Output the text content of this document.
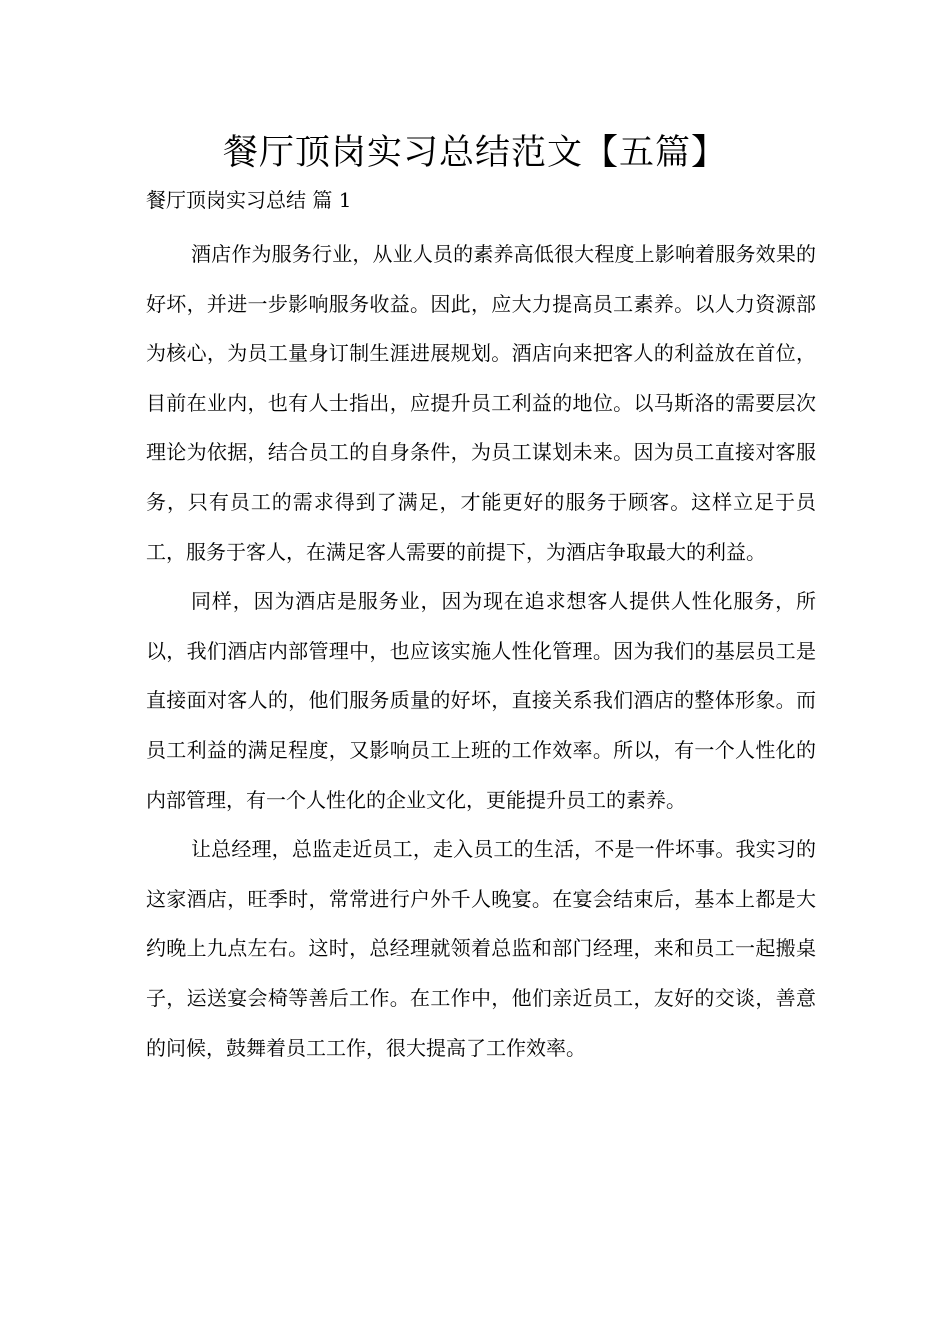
餐厅顶岗实习总结范文【五篇】
餐厅顶岗实习总结 篇 1

酒店作为服务行业，从业人员的素养高低很大程度上影响着服务效果的好坏，并进一步影响服务收益。因此，应大力提高员工素养。以人力资源部为核心，为员工量身订制生涯进展规划。酒店向来把客人的利益放在首位，目前在业内，也有人士指出，应提升员工利益的地位。以马斯洛的需要层次理论为依据，结合员工的自身条件，为员工谋划未来。因为员工直接对客服务，只有员工的需求得到了满足，才能更好的服务于顾客。这样立足于员工，服务于客人，在满足客人需要的前提下，为酒店争取最大的利益。

同样，因为酒店是服务业，因为现在追求想客人提供人性化服务，所以，我们酒店内部管理中，也应该实施人性化管理。因为我们的基层员工是直接面对客人的，他们服务质量的好坏，直接关系我们酒店的整体形象。而员工利益的满足程度，又影响员工上班的工作效率。所以，有一个人性化的内部管理，有一个人性化的企业文化，更能提升员工的素养。

让总经理，总监走近员工，走入员工的生活，不是一件坏事。我实习的这家酒店，旺季时，常常进行户外千人晚宴。在宴会结束后，基本上都是大约晚上九点左右。这时，总经理就领着总监和部门经理，来和员工一起搬桌子，运送宴会椅等善后工作。在工作中，他们亲近员工，友好的交谈，善意的问候，鼓舞着员工工作，很大提高了工作效率。
